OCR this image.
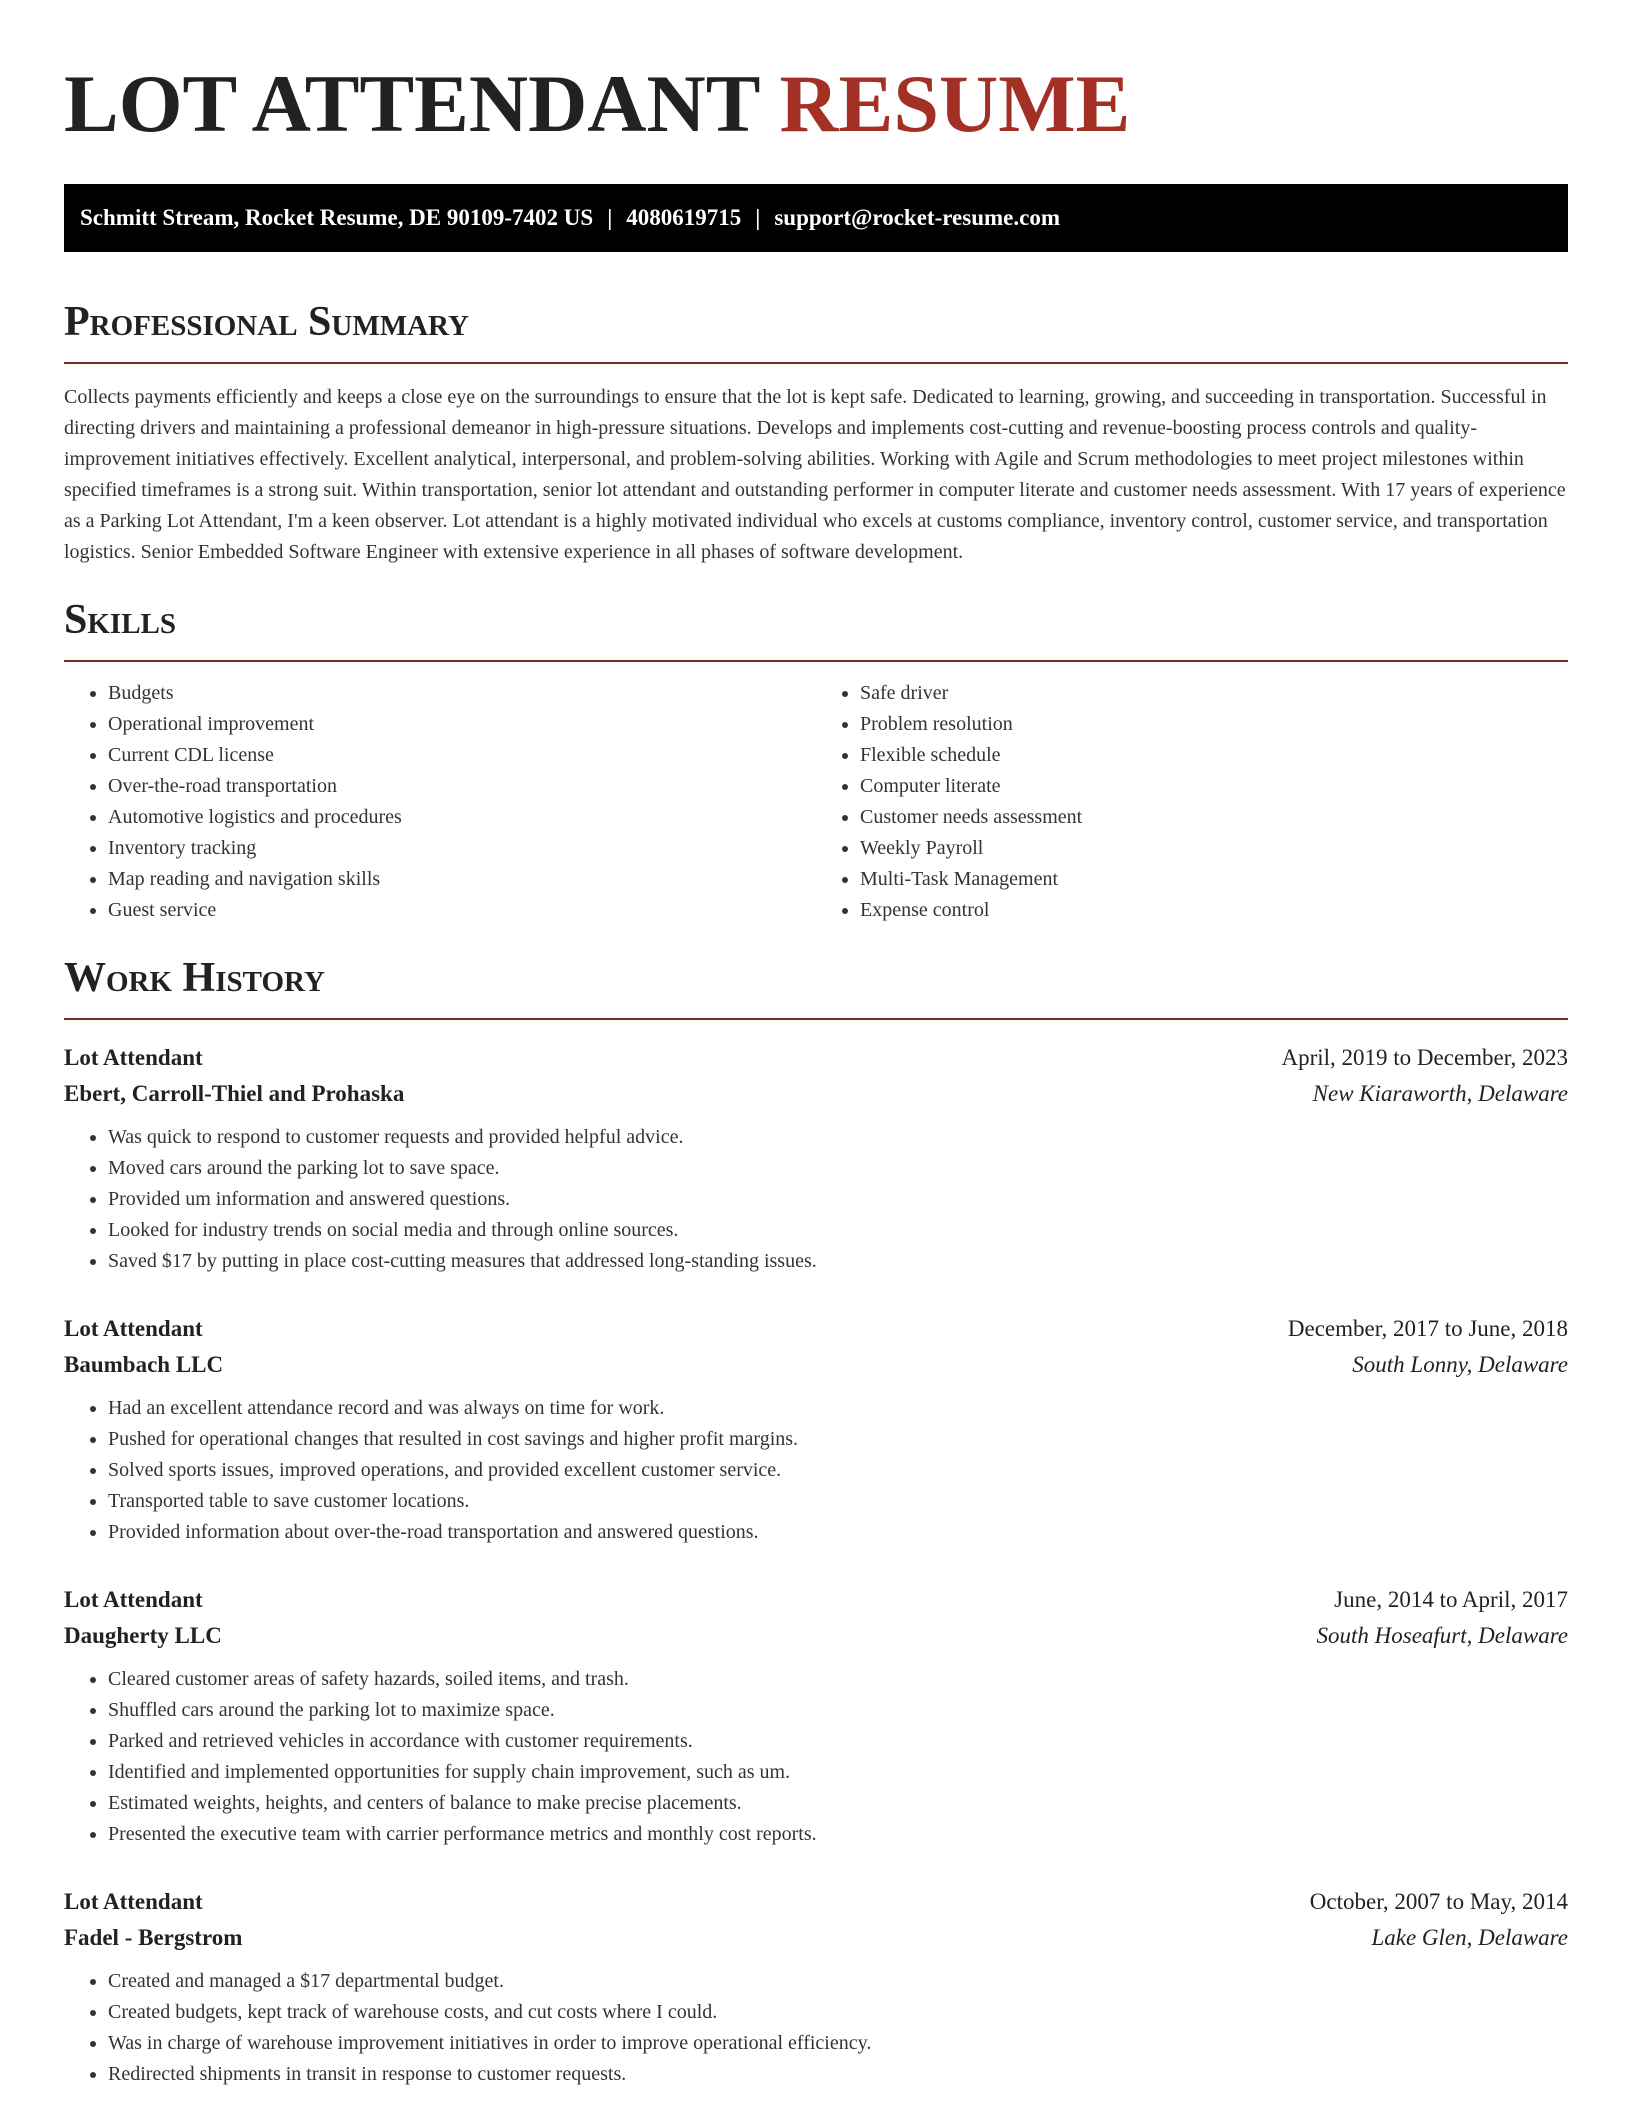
LOT ATTENDANT RESUME
Schmitt Stream, Rocket Resume, DE 90109-7402 US | 4080619715 | support@rocket-resume.com
Professional Summary

Collects payments efficiently and keeps a close eye on the surroundings to ensure that the lot is kept safe. Dedicated to learning, growing, and succeeding in transportation. Successful in directing drivers and maintaining a professional demeanor in high-pressure situations. Develops and implements cost-cutting and revenue-boosting process controls and quality-improvement initiatives effectively. Excellent analytical, interpersonal, and problem-solving abilities. Working with Agile and Scrum methodologies to meet project milestones within specified timeframes is a strong suit. Within transportation, senior lot attendant and outstanding performer in computer literate and customer needs assessment. With 17 years of experience as a Parking Lot Attendant, I'm a keen observer. Lot attendant is a highly motivated individual who excels at customs compliance, inventory control, customer service, and transportation logistics. Senior Embedded Software Engineer with extensive experience in all phases of software development.

Skills
• Budgets
• Operational improvement
• Current CDL license
• Over-the-road transportation
• Automotive logistics and procedures
• Inventory tracking
• Map reading and navigation skills
• Guest service
• Safe driver
• Problem resolution
• Flexible schedule
• Computer literate
• Customer needs assessment
• Weekly Payroll
• Multi-Task Management
• Expense control
Work History
Lot Attendant	April, 2019 to December, 2023
Ebert, Carroll-Thiel and Prohaska	New Kiaraworth, Delaware
• Was quick to respond to customer requests and provided helpful advice.
• Moved cars around the parking lot to save space.
• Provided um information and answered questions.
• Looked for industry trends on social media and through online sources.
• Saved $17 by putting in place cost-cutting measures that addressed long-standing issues.
Lot Attendant	December, 2017 to June, 2018
Baumbach LLC	South Lonny, Delaware
• Had an excellent attendance record and was always on time for work.
• Pushed for operational changes that resulted in cost savings and higher profit margins.
• Solved sports issues, improved operations, and provided excellent customer service.
• Transported table to save customer locations.
• Provided information about over-the-road transportation and answered questions.
Lot Attendant	June, 2014 to April, 2017
Daugherty LLC	South Hoseafurt, Delaware
• Cleared customer areas of safety hazards, soiled items, and trash.
• Shuffled cars around the parking lot to maximize space.
• Parked and retrieved vehicles in accordance with customer requirements.
• Identified and implemented opportunities for supply chain improvement, such as um.
• Estimated weights, heights, and centers of balance to make precise placements.
• Presented the executive team with carrier performance metrics and monthly cost reports.
Lot Attendant	October, 2007 to May, 2014
Fadel - Bergstrom	Lake Glen, Delaware
• Created and managed a $17 departmental budget.
• Created budgets, kept track of warehouse costs, and cut costs where I could.
• Was in charge of warehouse improvement initiatives in order to improve operational efficiency.
• Redirected shipments in transit in response to customer requests.
